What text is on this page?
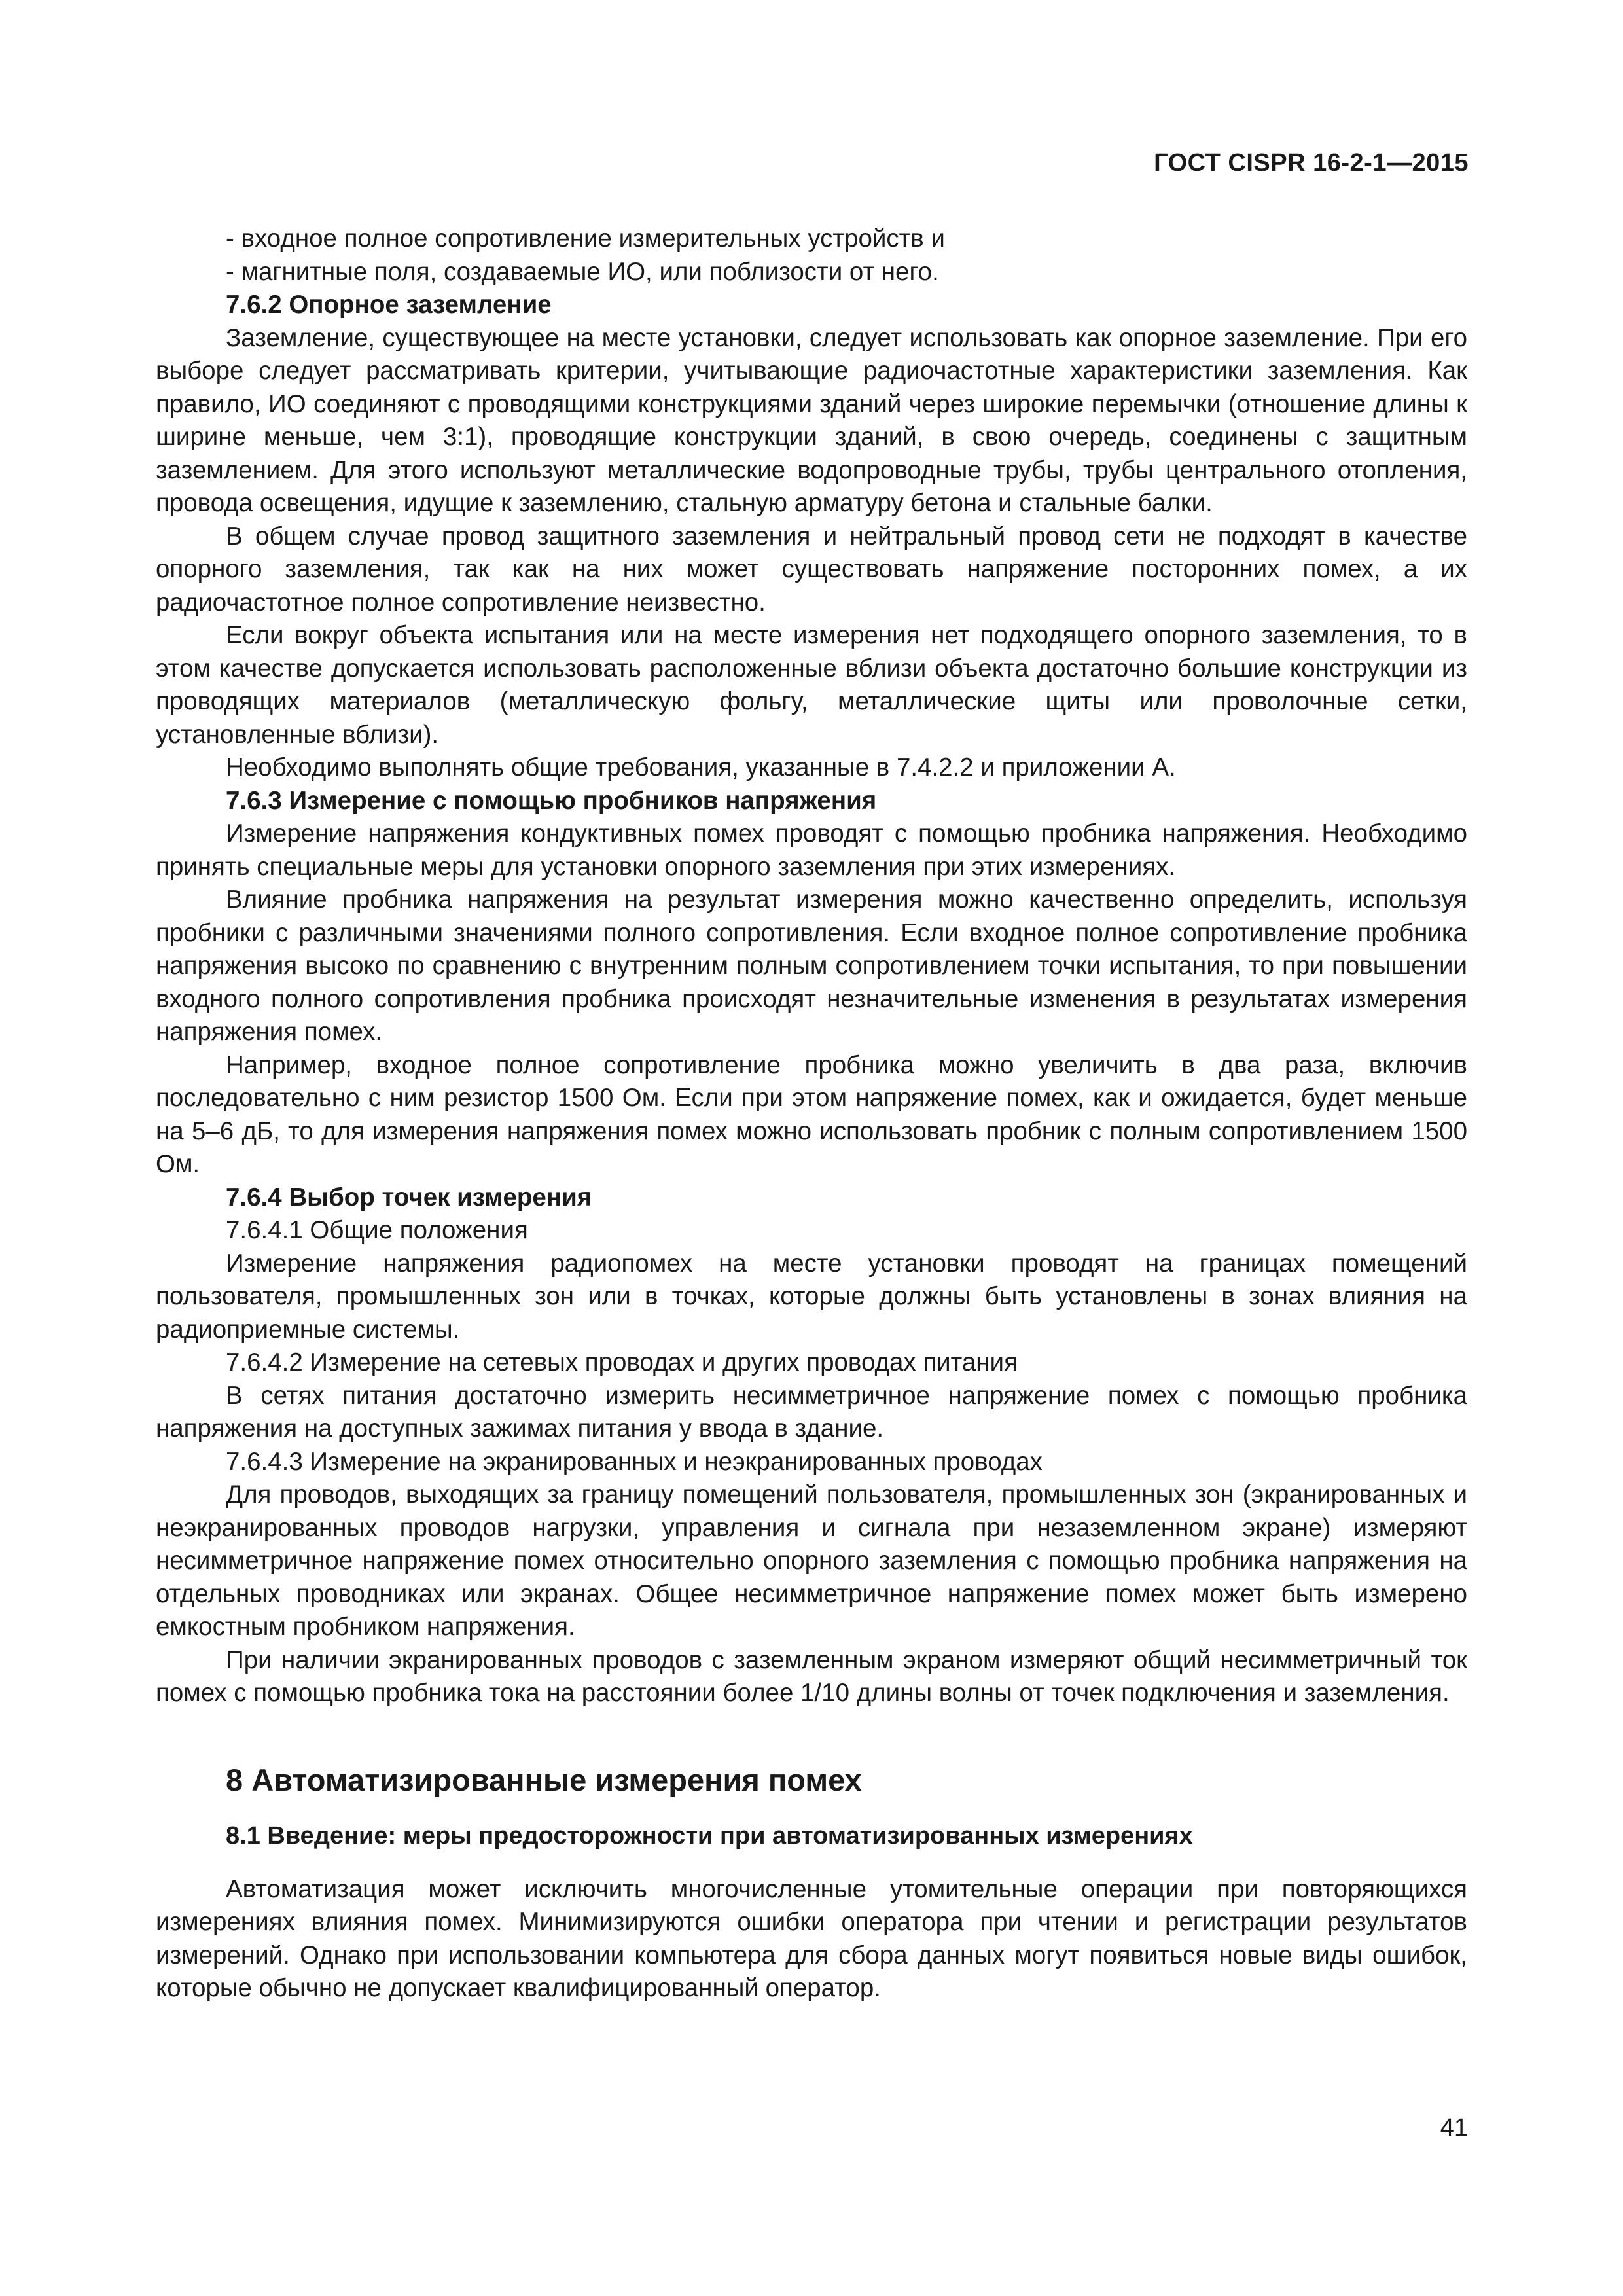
ГОСТ CISPR 16-2-1—2015

- входное полное сопротивление измерительных устройств и

- магнитные поля, создаваемые ИО, или поблизости от него.

7.6.2 Опорное заземление

Заземление, существующее на месте установки, следует использовать как опорное заземление. При его выборе следует рассматривать критерии, учитывающие радиочастотные характеристики заземления. Как правило, ИО соединяют с проводящими конструкциями зданий через широкие перемычки (отношение длины к ширине меньше, чем 3:1), проводящие конструкции зданий, в свою очередь, соединены с защитным заземлением. Для этого используют металлические водопроводные трубы, трубы центрального отопления, провода освещения, идущие к заземлению, стальную арматуру бетона и стальные балки.

В общем случае провод защитного заземления и нейтральный провод сети не подходят в качестве опорного заземления, так как на них может существовать напряжение посторонних помех, а их радиочастотное полное сопротивление неизвестно.

Если вокруг объекта испытания или на месте измерения нет подходящего опорного заземления, то в этом качестве допускается использовать расположенные вблизи объекта достаточно большие конструкции из проводящих материалов (металлическую фольгу, металлические щиты или проволочные сетки, установленные вблизи).

Необходимо выполнять общие требования, указанные в 7.4.2.2 и приложении А.

7.6.3 Измерение с помощью пробников напряжения

Измерение напряжения кондуктивных помех проводят с помощью пробника напряжения. Необходимо принять специальные меры для установки опорного заземления при этих измерениях.

Влияние пробника напряжения на результат измерения можно качественно определить, используя пробники с различными значениями полного сопротивления. Если входное полное сопротивление пробника напряжения высоко по сравнению с внутренним полным сопротивлением точки испытания, то при повышении входного полного сопротивления пробника происходят незначительные изменения в результатах измерения напряжения помех.

Например, входное полное сопротивление пробника можно увеличить в два раза, включив последовательно с ним резистор 1500 Ом. Если при этом напряжение помех, как и ожидается, будет меньше на 5–6 дБ, то для измерения напряжения помех можно использовать пробник с полным сопротивлением 1500 Ом.

7.6.4 Выбор точек измерения

7.6.4.1 Общие положения

Измерение напряжения радиопомех на месте установки проводят на границах помещений пользователя, промышленных зон или в точках, которые должны быть установлены в зонах влияния на радиоприемные системы.

7.6.4.2 Измерение на сетевых проводах и других проводах питания

В сетях питания достаточно измерить несимметричное напряжение помех с помощью пробника напряжения на доступных зажимах питания у ввода в здание.

7.6.4.3 Измерение на экранированных и неэкранированных проводах

Для проводов, выходящих за границу помещений пользователя, промышленных зон (экранированных и неэкранированных проводов нагрузки, управления и сигнала при незаземленном экране) измеряют несимметричное напряжение помех относительно опорного заземления с помощью пробника напряжения на отдельных проводниках или экранах. Общее несимметричное напряжение помех может быть измерено емкостным пробником напряжения.

При наличии экранированных проводов с заземленным экраном измеряют общий несимметричный ток помех с помощью пробника тока на расстоянии более 1/10 длины волны от точек подключения и заземления.

8 Автоматизированные измерения помех
8.1 Введение: меры предосторожности при автоматизированных измерениях

Автоматизация может исключить многочисленные утомительные операции при повторяющихся измерениях влияния помех. Минимизируются ошибки оператора при чтении и регистрации результатов измерений. Однако при использовании компьютера для сбора данных могут появиться новые виды ошибок, которые обычно не допускает квалифицированный оператор.

41
